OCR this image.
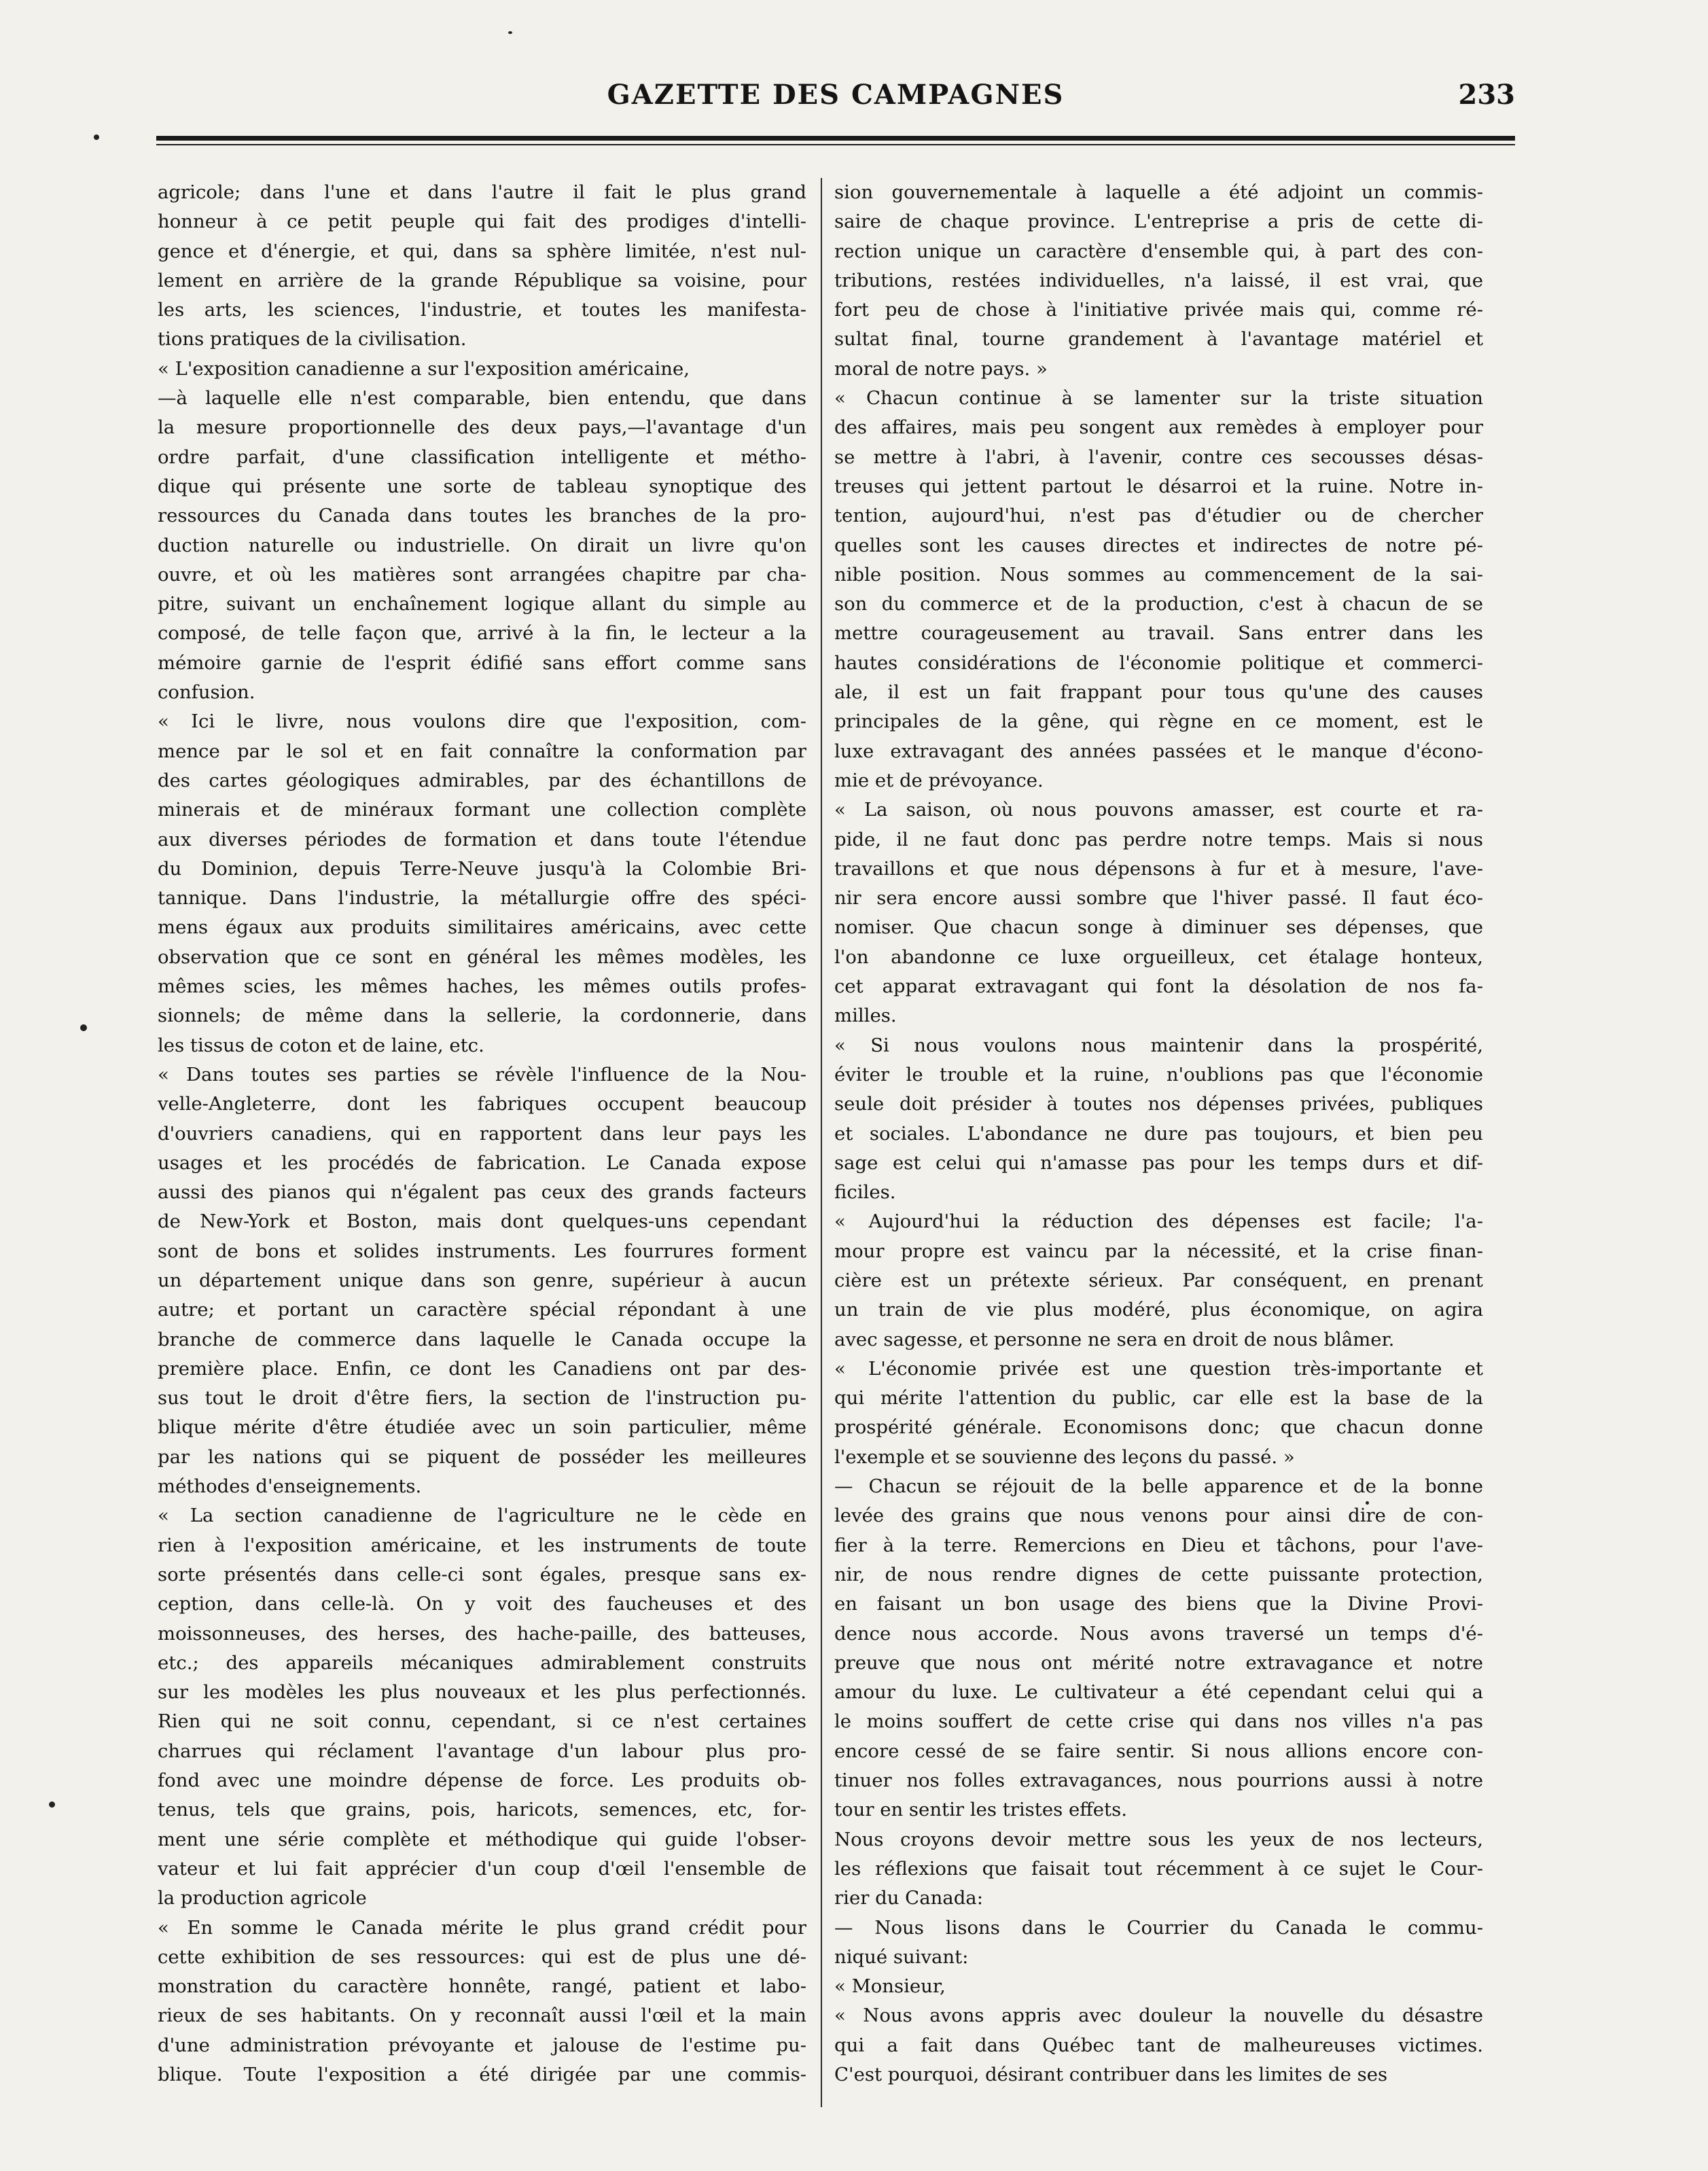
GAZETTE DES CAMPAGNES	233
agricole; dans l'une et dans l'autre il fait le plus grand
honneur à ce petit peuple qui fait des prodiges d'intelli-
gence et d'énergie, et qui, dans sa sphère limitée, n'est nul-
lement en arrière de la grande République sa voisine, pour
les arts, les sciences, l'industrie, et toutes les manifesta-
tions pratiques de la civilisation.
« L'exposition canadienne a sur l'exposition américaine,
—à laquelle elle n'est comparable, bien entendu, que dans
la mesure proportionnelle des deux pays,—l'avantage d'un
ordre parfait, d'une classification intelligente et métho-
dique qui présente une sorte de tableau synoptique des
ressources du Canada dans toutes les branches de la pro-
duction naturelle ou industrielle. On dirait un livre qu'on
ouvre, et où les matières sont arrangées chapitre par cha-
pitre, suivant un enchaînement logique allant du simple au
composé, de telle façon que, arrivé à la fin, le lecteur a la
mémoire garnie de l'esprit édifié sans effort comme sans
confusion.
« Ici le livre, nous voulons dire que l'exposition, com-
mence par le sol et en fait connaître la conformation par
des cartes géologiques admirables, par des échantillons de
minerais et de minéraux formant une collection complète
aux diverses périodes de formation et dans toute l'étendue
du Dominion, depuis Terre-Neuve jusqu'à la Colombie Bri-
tannique. Dans l'industrie, la métallurgie offre des spéci-
mens égaux aux produits similitaires américains, avec cette
observation que ce sont en général les mêmes modèles, les
mêmes scies, les mêmes haches, les mêmes outils profes-
sionnels; de même dans la sellerie, la cordonnerie, dans
les tissus de coton et de laine, etc.
« Dans toutes ses parties se révèle l'influence de la Nou-
velle-Angleterre, dont les fabriques occupent beaucoup
d'ouvriers canadiens, qui en rapportent dans leur pays les
usages et les procédés de fabrication. Le Canada expose
aussi des pianos qui n'égalent pas ceux des grands facteurs
de New-York et Boston, mais dont quelques-uns cependant
sont de bons et solides instruments. Les fourrures forment
un département unique dans son genre, supérieur à aucun
autre; et portant un caractère spécial répondant à une
branche de commerce dans laquelle le Canada occupe la
première place. Enfin, ce dont les Canadiens ont par des-
sus tout le droit d'être fiers, la section de l'instruction pu-
blique mérite d'être étudiée avec un soin particulier, même
par les nations qui se piquent de posséder les meilleures
méthodes d'enseignements.
« La section canadienne de l'agriculture ne le cède en
rien à l'exposition américaine, et les instruments de toute
sorte présentés dans celle-ci sont égales, presque sans ex-
ception, dans celle-là. On y voit des faucheuses et des
moissonneuses, des herses, des hache-paille, des batteuses,
etc.; des appareils mécaniques admirablement construits
sur les modèles les plus nouveaux et les plus perfectionnés.
Rien qui ne soit connu, cependant, si ce n'est certaines
charrues qui réclament l'avantage d'un labour plus pro-
fond avec une moindre dépense de force. Les produits ob-
tenus, tels que grains, pois, haricots, semences, etc, for-
ment une série complète et méthodique qui guide l'obser-
vateur et lui fait apprécier d'un coup d'œil l'ensemble de
la production agricole
« En somme le Canada mérite le plus grand crédit pour
cette exhibition de ses ressources: qui est de plus une dé-
monstration du caractère honnête, rangé, patient et labo-
rieux de ses habitants. On y reconnaît aussi l'œil et la main
d'une administration prévoyante et jalouse de l'estime pu-
blique. Toute l'exposition a été dirigée par une commis-
sion gouvernementale à laquelle a été adjoint un commis-
saire de chaque province. L'entreprise a pris de cette di-
rection unique un caractère d'ensemble qui, à part des con-
tributions, restées individuelles, n'a laissé, il est vrai, que
fort peu de chose à l'initiative privée mais qui, comme ré-
sultat final, tourne grandement à l'avantage matériel et
moral de notre pays. »
« Chacun continue à se lamenter sur la triste situation
des affaires, mais peu songent aux remèdes à employer pour
se mettre à l'abri, à l'avenir, contre ces secousses désas-
treuses qui jettent partout le désarroi et la ruine. Notre in-
tention, aujourd'hui, n'est pas d'étudier ou de chercher
quelles sont les causes directes et indirectes de notre pé-
nible position. Nous sommes au commencement de la sai-
son du commerce et de la production, c'est à chacun de se
mettre courageusement au travail. Sans entrer dans les
hautes considérations de l'économie politique et commerci-
ale, il est un fait frappant pour tous qu'une des causes
principales de la gêne, qui règne en ce moment, est le
luxe extravagant des années passées et le manque d'écono-
mie et de prévoyance.
« La saison, où nous pouvons amasser, est courte et ra-
pide, il ne faut donc pas perdre notre temps. Mais si nous
travaillons et que nous dépensons à fur et à mesure, l'ave-
nir sera encore aussi sombre que l'hiver passé. Il faut éco-
nomiser. Que chacun songe à diminuer ses dépenses, que
l'on abandonne ce luxe orgueilleux, cet étalage honteux,
cet apparat extravagant qui font la désolation de nos fa-
milles.
« Si nous voulons nous maintenir dans la prospérité,
éviter le trouble et la ruine, n'oublions pas que l'économie
seule doit présider à toutes nos dépenses privées, publiques
et sociales. L'abondance ne dure pas toujours, et bien peu
sage est celui qui n'amasse pas pour les temps durs et dif-
ficiles.
« Aujourd'hui la réduction des dépenses est facile; l'a-
mour propre est vaincu par la nécessité, et la crise finan-
cière est un prétexte sérieux. Par conséquent, en prenant
un train de vie plus modéré, plus économique, on agira
avec sagesse, et personne ne sera en droit de nous blâmer.
« L'économie privée est une question très-importante et
qui mérite l'attention du public, car elle est la base de la
prospérité générale. Economisons donc; que chacun donne
l'exemple et se souvienne des leçons du passé. »
— Chacun se réjouit de la belle apparence et de la bonne
levée des grains que nous venons pour ainsi dire de con-
fier à la terre. Remercions en Dieu et tâchons, pour l'ave-
nir, de nous rendre dignes de cette puissante protection,
en faisant un bon usage des biens que la Divine Provi-
dence nous accorde. Nous avons traversé un temps d'é-
preuve que nous ont mérité notre extravagance et notre
amour du luxe. Le cultivateur a été cependant celui qui a
le moins souffert de cette crise qui dans nos villes n'a pas
encore cessé de se faire sentir. Si nous allions encore con-
tinuer nos folles extravagances, nous pourrions aussi à notre
tour en sentir les tristes effets.
Nous croyons devoir mettre sous les yeux de nos lecteurs,
les réflexions que faisait tout récemment à ce sujet le Cour-
rier du Canada:
— Nous lisons dans le Courrier du Canada le commu-
niqué suivant:
« Monsieur,
« Nous avons appris avec douleur la nouvelle du désastre
qui a fait dans Québec tant de malheureuses victimes.
C'est pourquoi, désirant contribuer dans les limites de ses
